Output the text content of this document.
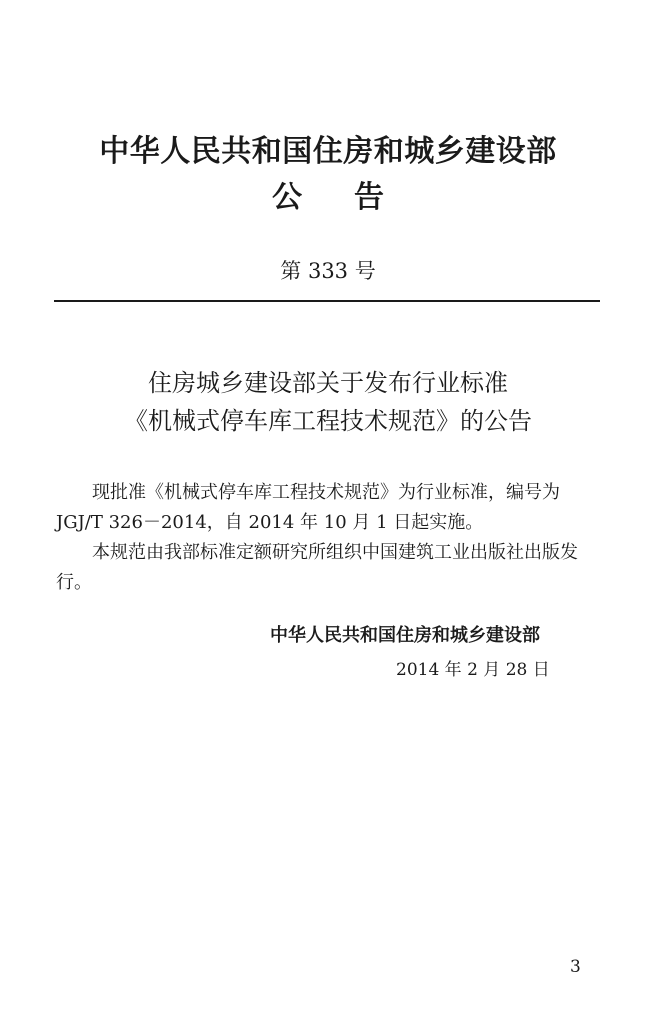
中华人民共和国住房和城乡建设部
公告
第 333 号
住房城乡建设部关于发布行业标准
《机械式停车库工程技术规范》的公告

现批准《机械式停车库工程技术规范》为行业标准，编号为 JGJ/T 326－2014，自 2014 年 10 月 1 日起实施。

本规范由我部标准定额研究所组织中国建筑工业出版社出版发行。

中华人民共和国住房和城乡建设部
2014 年 2 月 28 日
3
